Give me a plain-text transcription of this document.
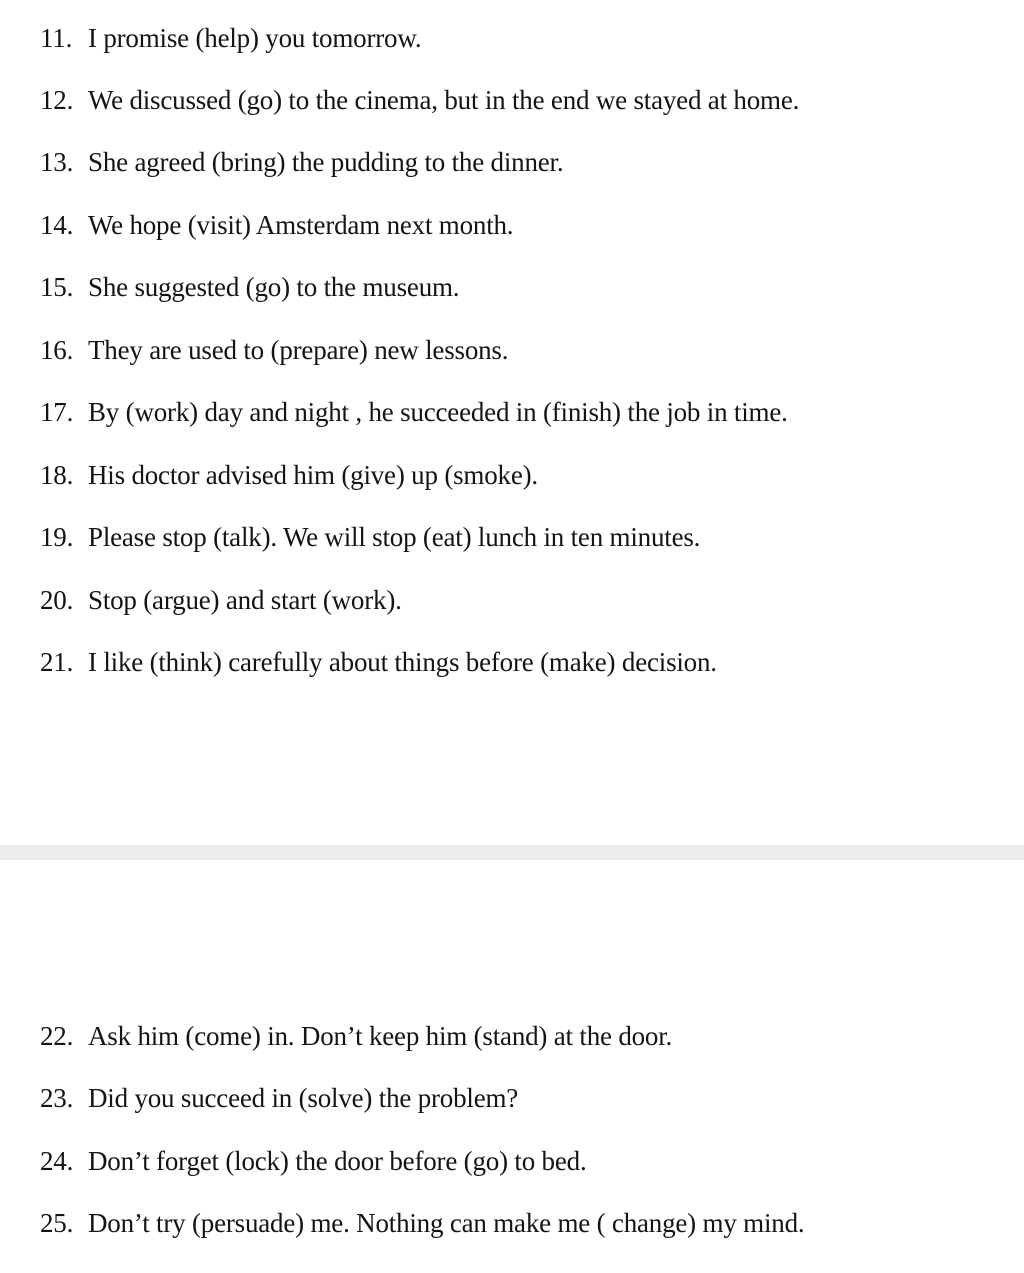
11. I promise (help) you tomorrow.
12. We discussed (go) to the cinema, but in the end we stayed at home.
13. She agreed (bring) the pudding to the dinner.
14. We hope (visit) Amsterdam next month.
15. She suggested (go) to the museum.
16. They are used to (prepare) new lessons.
17. By (work) day and night , he succeeded in (finish) the job in time.
18. His doctor advised him (give) up (smoke).
19. Please stop (talk). We will stop (eat) lunch in ten minutes.
20. Stop (argue) and start (work).
21. I like (think) carefully about things before (make) decision.
22. Ask him (come) in. Don’t keep him (stand) at the door.
23. Did you succeed in (solve) the problem?
24. Don’t forget (lock) the door before (go) to bed.
25. Don’t try (persuade) me. Nothing can make me ( change) my mind.
